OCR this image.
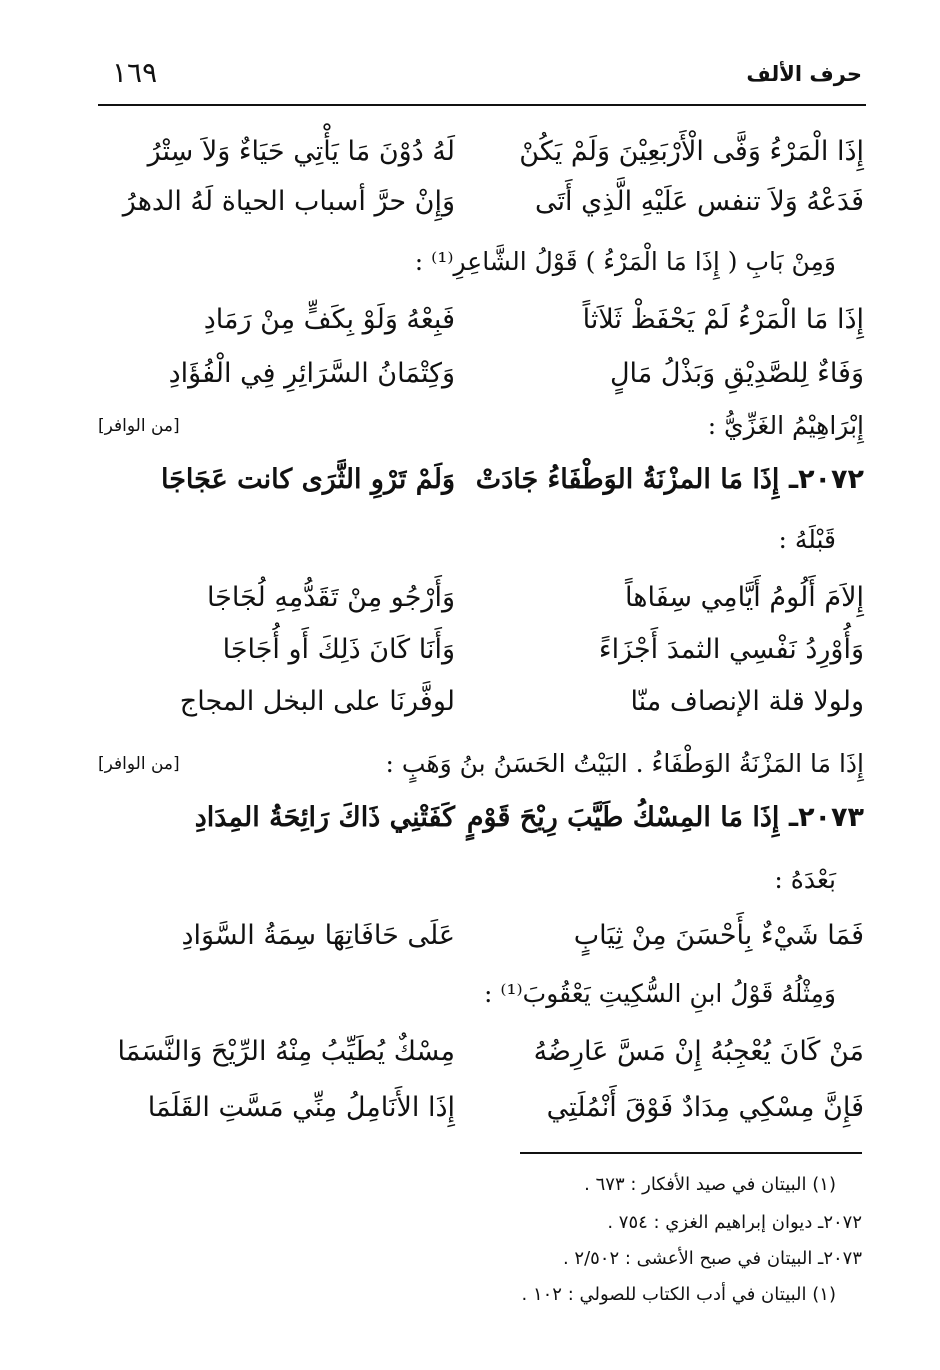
حرف الألف
١٦٩
إِذَا الْمَرْءُ وَفَّى الْأَرْبَعِيْنَ وَلَمْ يَكُنْ
لَهُ دُوْنَ مَا يَأْتِي حَيَاءٌ وَلاَ سِتْرُ
فَدَعْهُ وَلاَ تنفس عَلَيْهِ الَّذِي أَتَى
وَإِنْ حرَّ أسباب الحياة لَهُ الدهرُ
وَمِنْ بَابِ ( إِذَا مَا الْمَرْءُ ) قَوْلُ الشَّاعِرِ⁽¹⁾ :
إِذَا مَا الْمَرْءُ لَمْ يَحْفَظْ ثَلاَثاً
فَبِعْهُ وَلَوْ بِكَفٍّ مِنْ رَمَادِ
وَفَاءٌ لِلصَّدِيْقِ وَبَذْلُ مَالٍ
وَكِتْمَانُ السَّرَائِرِ فِي الْفُؤَادِ
إِبْرَاهِيْمُ الغَزِّيُّ :
[من الوافر]
٢٠٧٢ـ إِذَا مَا المزْنَةُ الوَطْفَاءُ جَادَتْ
وَلَمْ تَرْوِ الثَّرَى كانت عَجَاجَا
قَبْلَهُ :
إِلاَمَ أَلُومُ أَيَّامِي سِفَاهاً
وَأَرْجُو مِنْ تَقَدُّمِهِ لُجَاجَا
وَأُوْرِدُ نَفْسِي الثمدَ أَجْزَاءً
وَأَنَا كَانَ ذَلِكَ أَو أُجَاجَا
ولولا قلة الإنصاف منّا
لوفَّرنَا على البخل المجاج
إِذَا مَا المَزْنَةُ الوَطْفَاءُ . البَيْتُ الحَسَنُ بنُ وَهَبٍ :
[من الوافر]
٢٠٧٣ـ إِذَا مَا المِسْكُ طَيَّبَ رِيْحَ قَوْمٍ
كَفَتْنِي ذَاكَ رَائِحَةُ المِدَادِ
بَعْدَهُ :
فَمَا شَيْءٌ بِأَحْسَنَ مِنْ ثِيَابٍ
عَلَى حَافَاتِهَا سِمَةُ السَّوَادِ
وَمِثْلُهُ قَوْلُ ابنِ السُّكِيتِ يَعْقُوبَ⁽¹⁾ :
مَنْ كَانَ يُعْجِبُهُ إِنْ مَسَّ عَارِضُهُ
مِسْكٌ يُطَيِّبُ مِنْهُ الرِّيْحَ وَالنَّسَمَا
فَإِنَّ مِسْكِي مِدَادٌ فَوْقَ أَنْمُلَتِي
إِذَا الأَنَامِلُ مِنِّي مَسَّتِ القَلَمَا
(١) البيتان في صيد الأفكار : ٦٧٣ .
٢٠٧٢ـ ديوان إبراهيم الغزي : ٧٥٤ .
٢٠٧٣ـ البيتان في صبح الأعشى : ٢/٥٠٢ .
(١) البيتان في أدب الكتاب للصولي : ١٠٢ .
